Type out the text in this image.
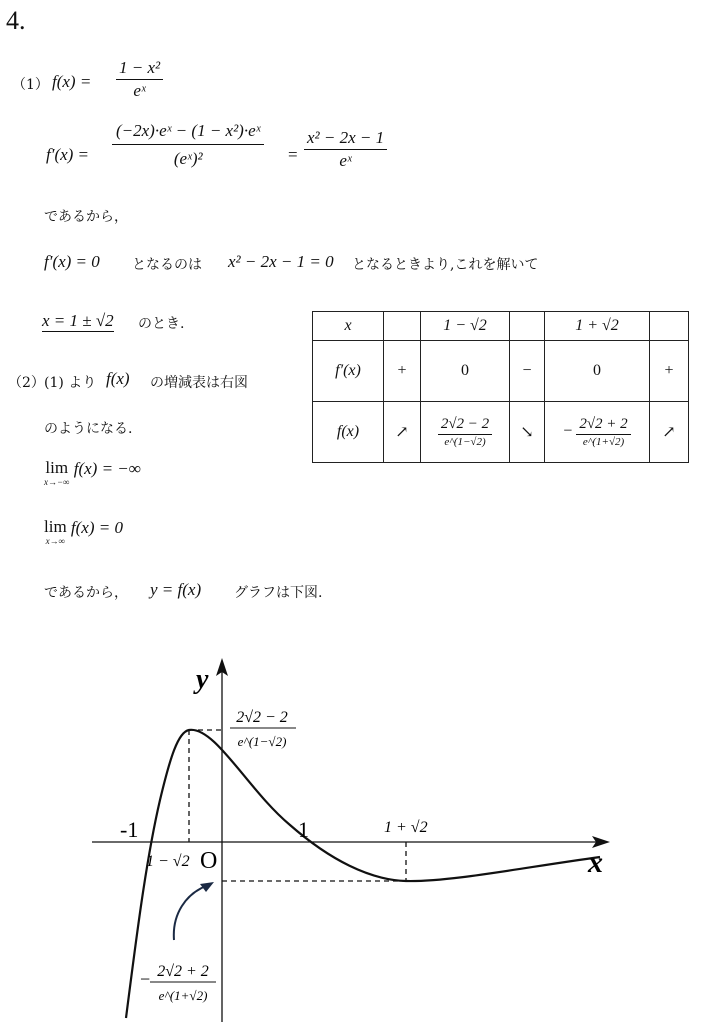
4.
（1） $f(x) = \frac{\text{1 − x²}}{\text{eˣ}}$
$f'(x) = \frac{\text{(−2x)·eˣ − (1 − x²)·eˣ}}{\text{(eˣ)²}} = \frac{\text{x² − 2x − 1}}{\text{eˣ}}$
であるから，
f′(x) = 0 となるのは x² − 2x − 1 = 0 となるときより,これを解いて
x = 1 ± √2 のとき.
（2） (1) より f(x) の増減表は右図
のようになる.
lim
x→−∞
f(x) = −∞
lim
x→∞
f(x) = 0
であるから， y = f(x) グラフは下図.
x		1 − √2		1 + √2	
f′(x)	+	0	−	0	+
f(x)	↗	$\frac{2√2 - 2}{e\^{}(1-√2)}$	↘	− $\frac{2√2 + 2}{e\^{}(1+√2)}$	↗
y
x
O
-1	1
1 − √2
1 + √2
2√2 − 2
e^(1−√2)
− 2√2 + 2
e^(1+√2)
